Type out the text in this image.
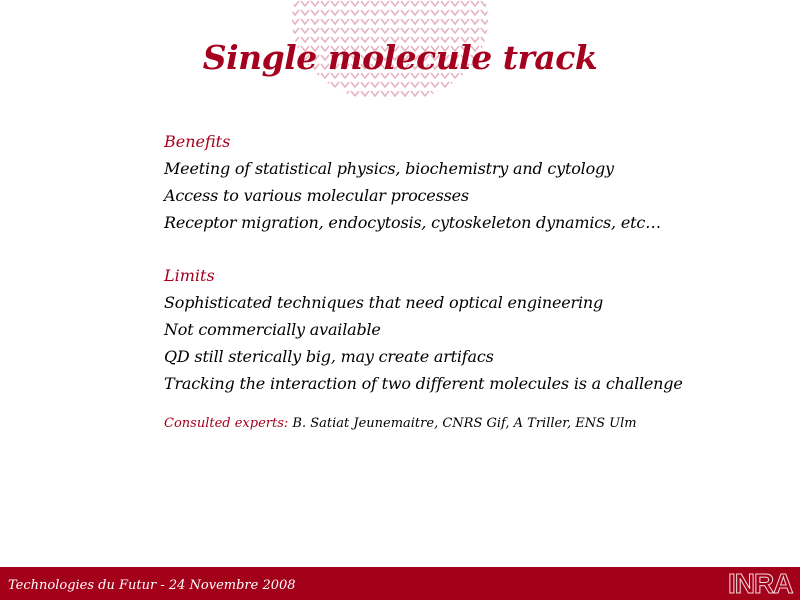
Single molecule track
Benefits
Meeting of statistical physics, biochemistry and cytology
Access to various molecular processes
Receptor migration, endocytosis, cytoskeleton dynamics, etc…
Limits
Sophisticated techniques that need optical engineering
Not commercially available
QD still sterically big, may create artifacs
Tracking the interaction of two different molecules is a challenge
Consulted experts: B. Satiat Jeunemaitre, CNRS Gif, A Triller, ENS Ulm
Technologies du Futur - 24 Novembre 2008	INRA
